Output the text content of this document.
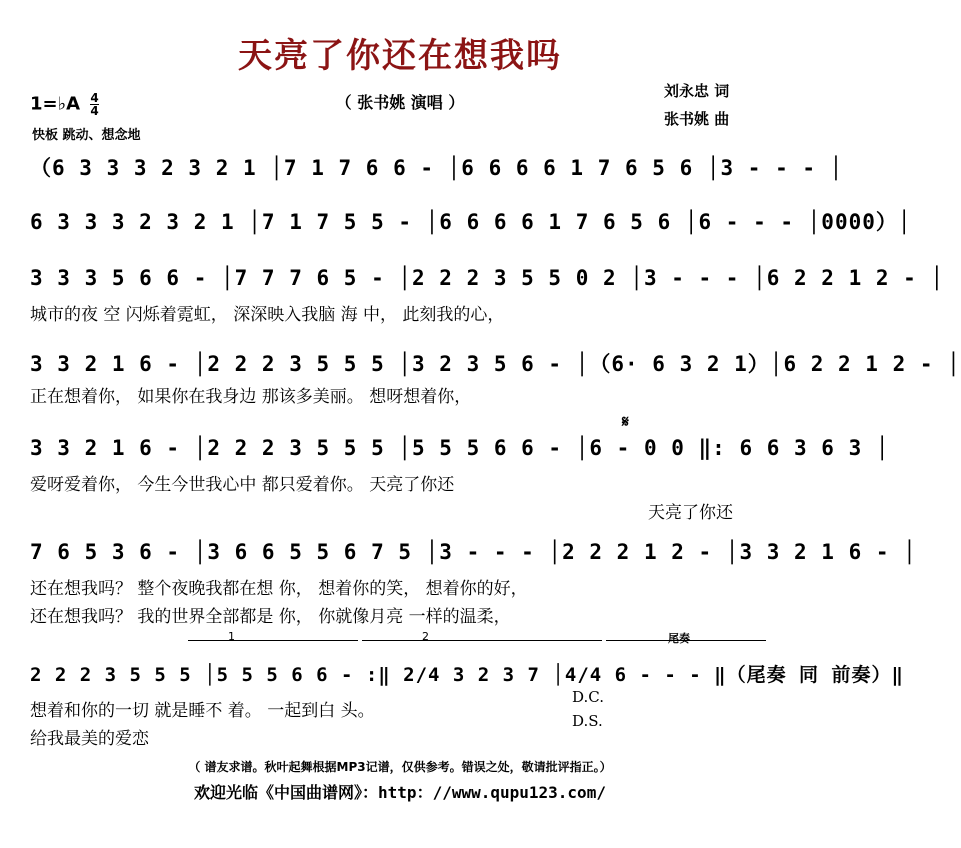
天亮了你还在想我吗
（ 张书姚 演唱 ）
刘永忠 词
张书姚 曲
1=♭A $\frac{4}{4}$
快板 跳动、想念地
（6 3 3 3 2 3 2 1 │7 1 7 6 6 - │6 6 6 6 1 7 6 5 6 │3 - - - │
6 3 3 3 2 3 2 1 │7 1 7 5 5 - │6 6 6 6 1 7 6 5 6 │6 - - - │0000）│
3 3 3 5 6 6 - │7 7 7 6 5 - │2 2 2 3 5 5 0 2 │3 - - - │6 2 2 1 2 - │
城市的夜 空 闪烁着霓虹， 深深映入我脑 海 中， 此刻我的心，
3 3 2 1 6 - │2 2 2 3 5 5 5 │3 2 3 5 6 - │（6· 6 3 2 1）│6 2 2 1 2 - │
正在想着你， 如果你在我身边 那该多美丽。 想呀想着你，
𝄋
3 3 2 1 6 - │2 2 2 3 5 5 5 │5 5 5 6 6 - │6 - 0 0 ‖: 6 6 3 6 3 │
爱呀爱着你， 今生今世我心中 都只爱着你。 天亮了你还
天亮了你还
7 6 5 3 6 - │3 6 6 5 5 6 7 5 │3 - - - │2 2 2 1 2 - │3 3 2 1 6 - │
还在想我吗？ 整个夜晚我都在想 你， 想着你的笑， 想着你的好，
还在想我吗？ 我的世界全部都是 你， 你就像月亮 一样的温柔，
1	2	尾奏
2 2 2 3 5 5 5 │5 5 5 6 6 - :‖ 2/4 3 2 3 7 │4/4 6 - - - ‖（尾奏 同 前奏）‖
想着和你的一切 就是睡不 着。 一起到白 头。
给我最美的爱恋
D.C.
D.S.
（ 谱友求谱。秋叶起舞根据MP3记谱，仅供参考。错误之处，敬请批评指正。）
欢迎光临《中国曲谱网》：http：//www.qupu123.com/
